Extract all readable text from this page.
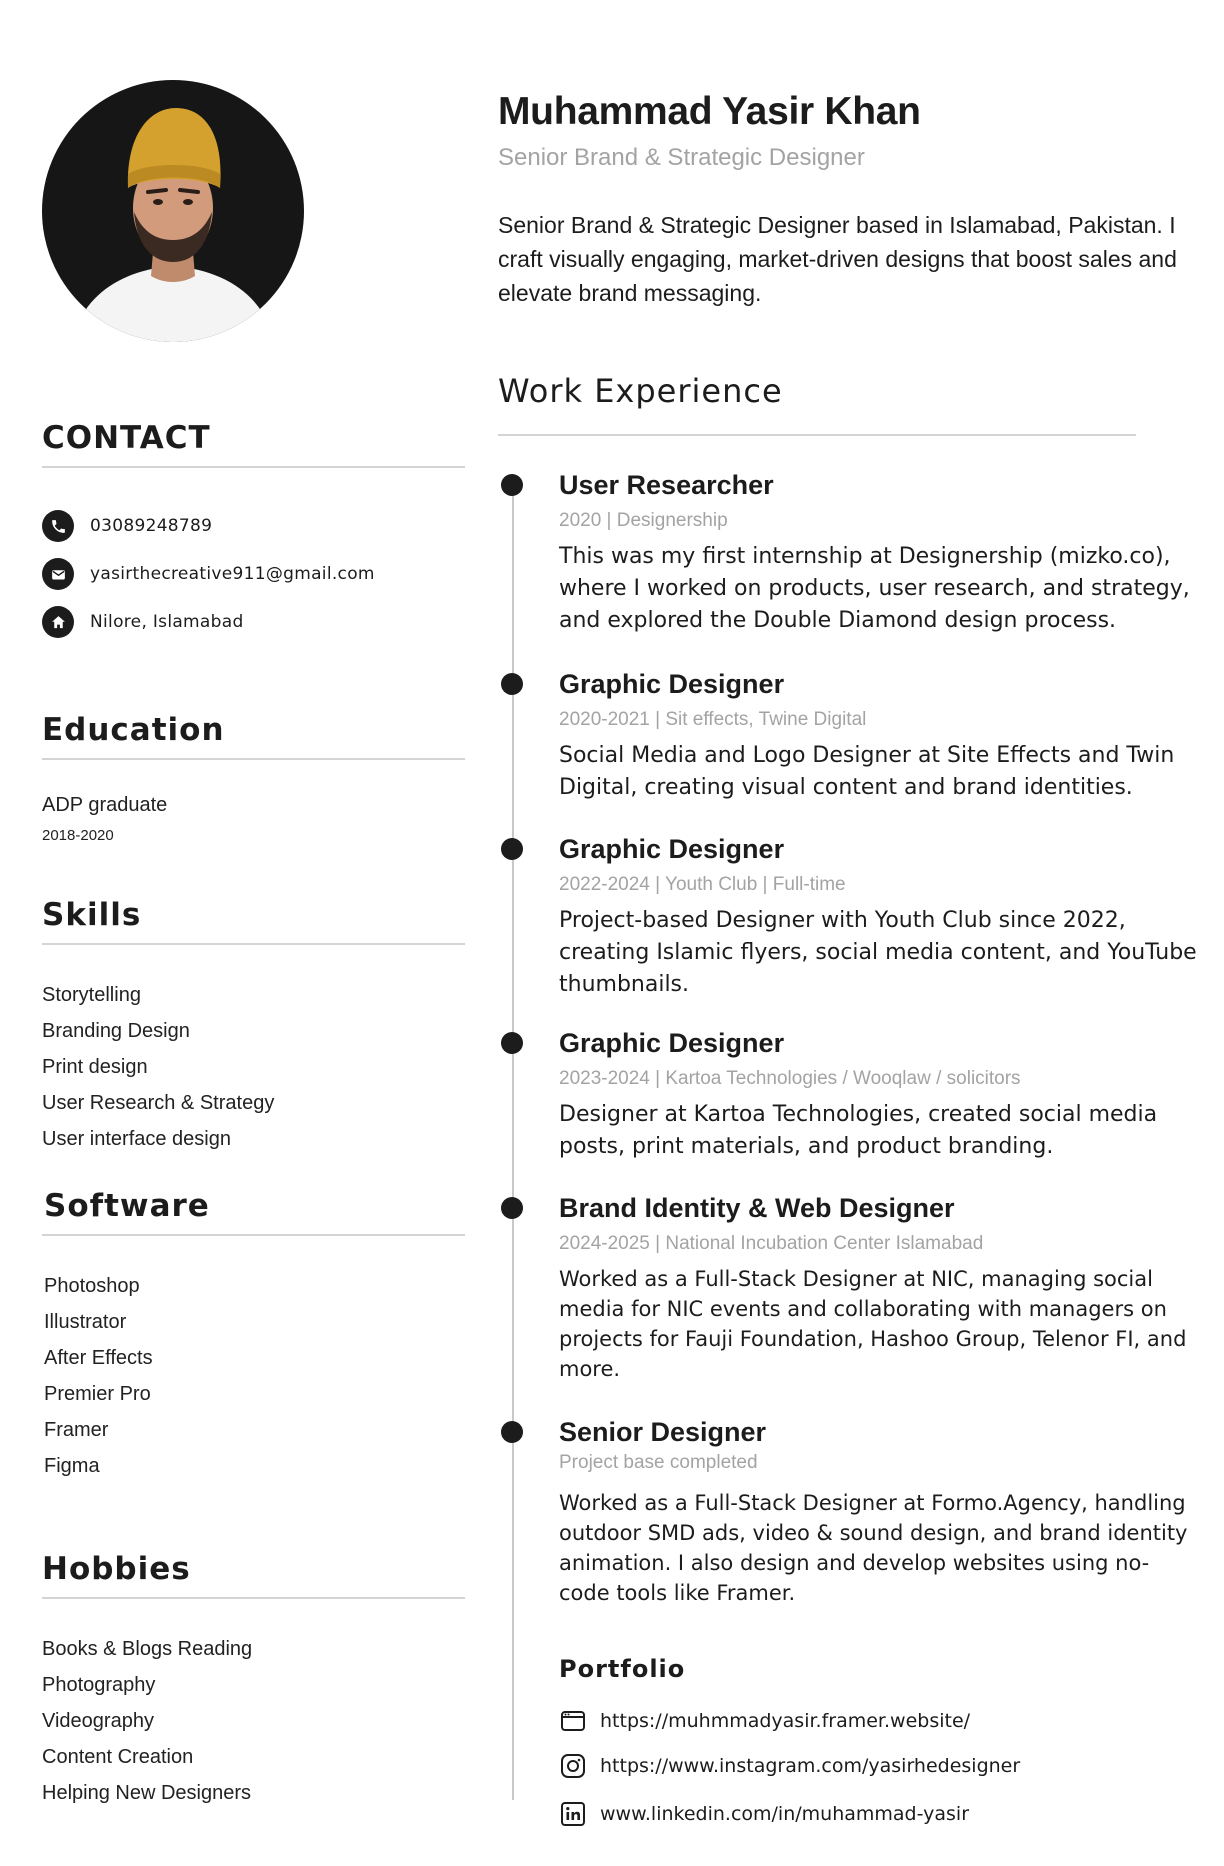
Muhammad Yasir Khan
Senior Brand & Strategic Designer
Senior Brand & Strategic Designer based in Islamabad, Pakistan. I craft visually engaging, market-driven designs that boost sales and elevate brand messaging.
CONTACT
03089248789
yasirthecreative911@gmail.com
Nilore, Islamabad
Education
ADP graduate
2018-2020
Skills
Storytelling
Branding Design
Print design
User Research & Strategy
User interface design
Software
Photoshop
Illustrator
After Effects
Premier Pro
Framer
Figma
Hobbies
Books & Blogs Reading
Photography
Videography
Content Creation
Helping New Designers
Work Experience
User Researcher
2020 | Designership
This was my first internship at Designership (mizko.co), where I worked on products, user research, and strategy, and explored the Double Diamond design process.
Graphic Designer
2020-2021 | Sit effects, Twine Digital
Social Media and Logo Designer at Site Effects and Twin Digital, creating visual content and brand identities.
Graphic Designer
2022-2024 | Youth Club | Full-time
Project-based Designer with Youth Club since 2022, creating Islamic flyers, social media content, and YouTube thumbnails.
Graphic Designer
2023-2024 | Kartoa Technologies / Wooqlaw / solicitors
Designer at Kartoa Technologies, created social media posts, print materials, and product branding.
Brand Identity & Web Designer
2024-2025 | National Incubation Center Islamabad
Worked as a Full-Stack Designer at NIC, managing social media for NIC events and collaborating with managers on projects for Fauji Foundation, Hashoo Group, Telenor FI, and more.
Senior Designer
Project base completed
Worked as a Full-Stack Designer at Formo.Agency, handling outdoor SMD ads, video & sound design, and brand identity animation. I also design and develop websites using no-code tools like Framer.
Portfolio
https://muhmmadyasir.framer.website/
https://www.instagram.com/yasirhedesigner
www.linkedin.com/in/muhammad-yasir
